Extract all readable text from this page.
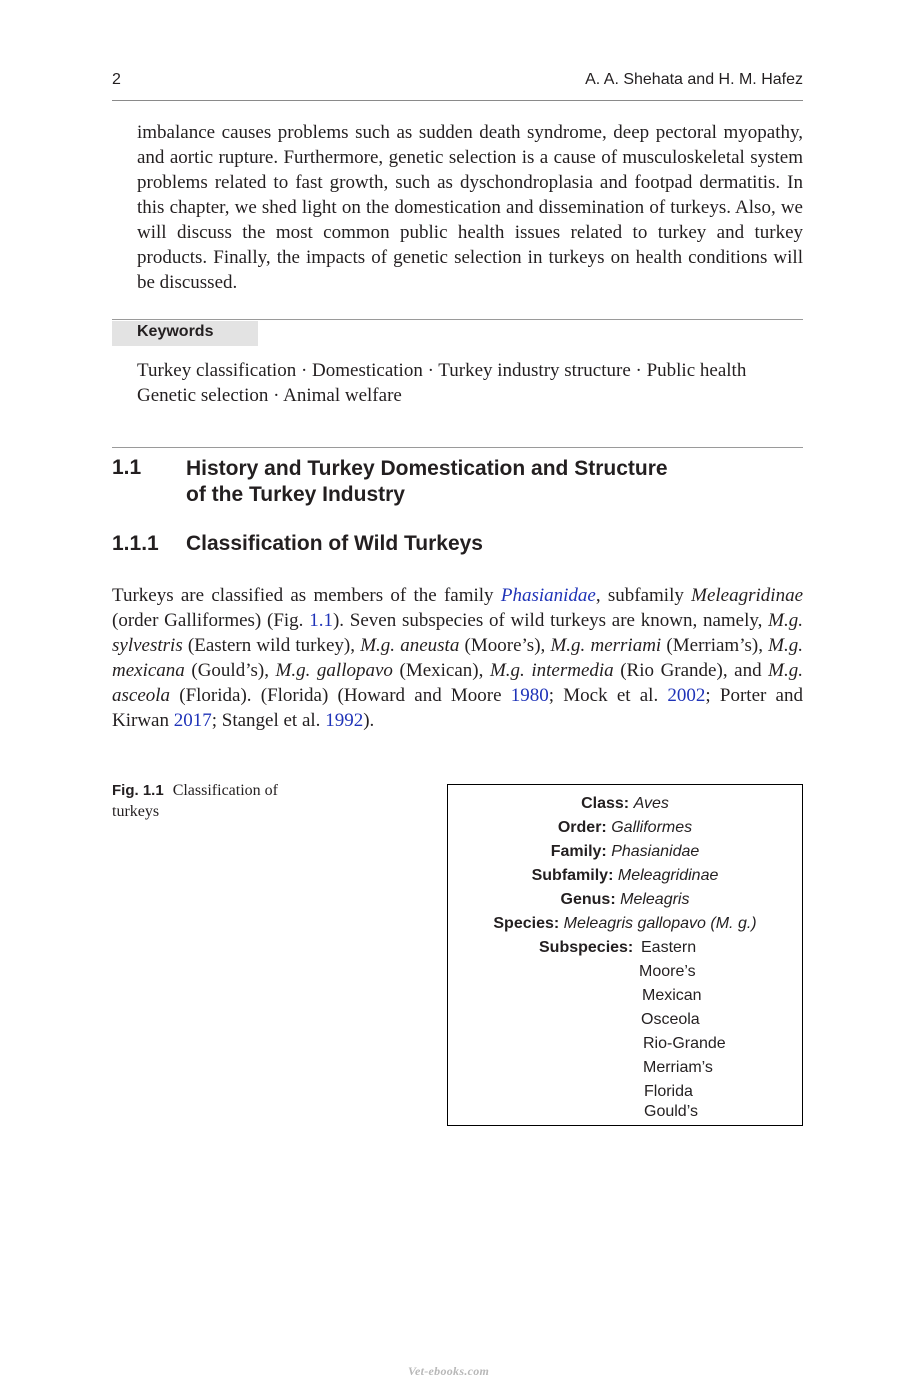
2	A. A. Shehata and H. M. Hafez

imbalance causes problems such as sudden death syndrome, deep pectoral myopathy, and aortic rupture. Furthermore, genetic selection is a cause of musculoskeletal system problems related to fast growth, such as dyschondroplasia and footpad dermatitis. In this chapter, we shed light on the domestication and dissemination of turkeys. Also, we will discuss the most common public health issues related to turkey and turkey products. Finally, the impacts of genetic selection in turkeys on health conditions will be discussed.

Keywords

Turkey classification · Domestication · Turkey industry structure · Public health
Genetic selection · Animal welfare

1.1 History and Turkey Domestication and Structure
of the Turkey Industry
1.1.1 Classification of Wild Turkeys

Turkeys are classified as members of the family Phasianidae, subfamily Meleagridinae (order Galliformes) (Fig. 1.1). Seven subspecies of wild turkeys are known, namely, M.g. sylvestris (Eastern wild turkey), M.g. aneusta (Moore’s), M.g. merriami (Merriam’s), M.g. mexicana (Gould’s), M.g. gallopavo (Mexican), M.g. intermedia (Rio Grande), and M.g. asceola (Florida). (Florida) (Howard and Moore 1980; Mock et al. 2002; Porter and Kirwan 2017; Stangel et al. 1992).

Fig. 1.1 Classification of turkeys	Class: Aves
Order: Galliformes
Family: Phasianidae
Subfamily: Meleagridinae
Genus: Meleagris
Species: Meleagris gallopavo (M. g.)
Subspecies: Eastern
Moore’s
Mexican
Osceola
Rio-Grande
Merriam’s
Florida
Gould’s
Vet-ebooks.com
